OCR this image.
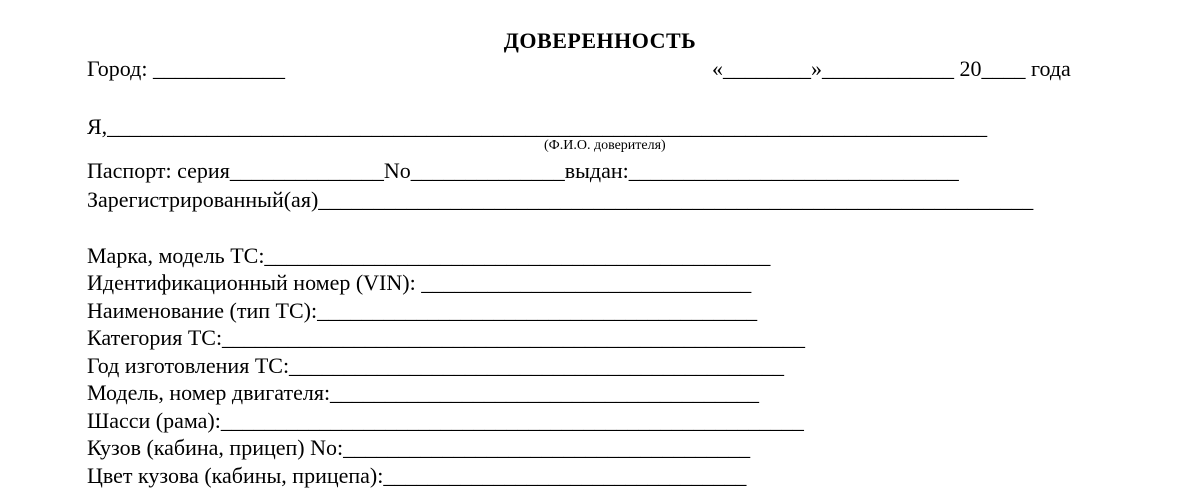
ДОВЕРЕННОСТЬ
Город: ____________	«________»____________ 20____ года
Я,________________________________________________________________________________
(Ф.И.О. доверителя)
Паспорт: серия______________No______________выдан:______________________________
Зарегистрированный(ая)_________________________________________________________________
Марка, модель ТС:______________________________________________
Идентификационный номер (VIN): ______________________________
Наименование (тип ТС):________________________________________
Категория ТС:_____________________________________________________
Год изготовления ТС:_____________________________________________
Модель, номер двигателя:_______________________________________
Шасси (рама):_____________________________________________________
Кузов (кабина, прицеп) No:_____________________________________
Цвет кузова (кабины, прицепа):_________________________________
